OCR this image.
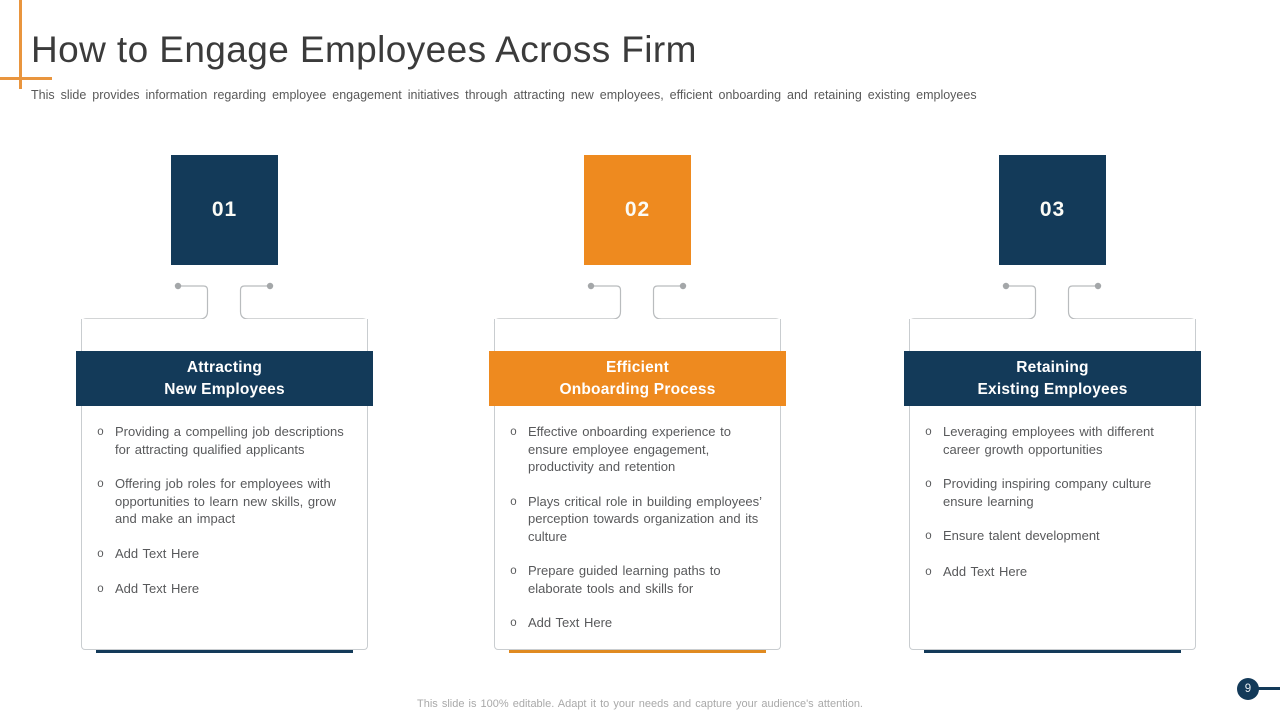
How to Engage Employees Across Firm

This slide provides information regarding employee engagement initiatives through attracting new employees, efficient onboarding and retaining existing employees

01
Attracting
New Employees
o Providing a compelling job descriptions for attracting qualified applicants
o Offering job roles for employees with opportunities to learn new skills, grow and make an impact
o Add Text Here
o Add Text Here
02
Efficient
Onboarding Process
o Effective onboarding experience to ensure employee engagement, productivity and retention
o Plays critical role in building employees’ perception towards organization and its culture
o Prepare guided learning paths to elaborate tools and skills for
o Add Text Here
03
Retaining
Existing Employees
o Leveraging employees with different career growth opportunities
o Providing inspiring company culture ensure learning
o Ensure talent development
o Add Text Here

This slide is 100% editable. Adapt it to your needs and capture your audience's attention.

9
